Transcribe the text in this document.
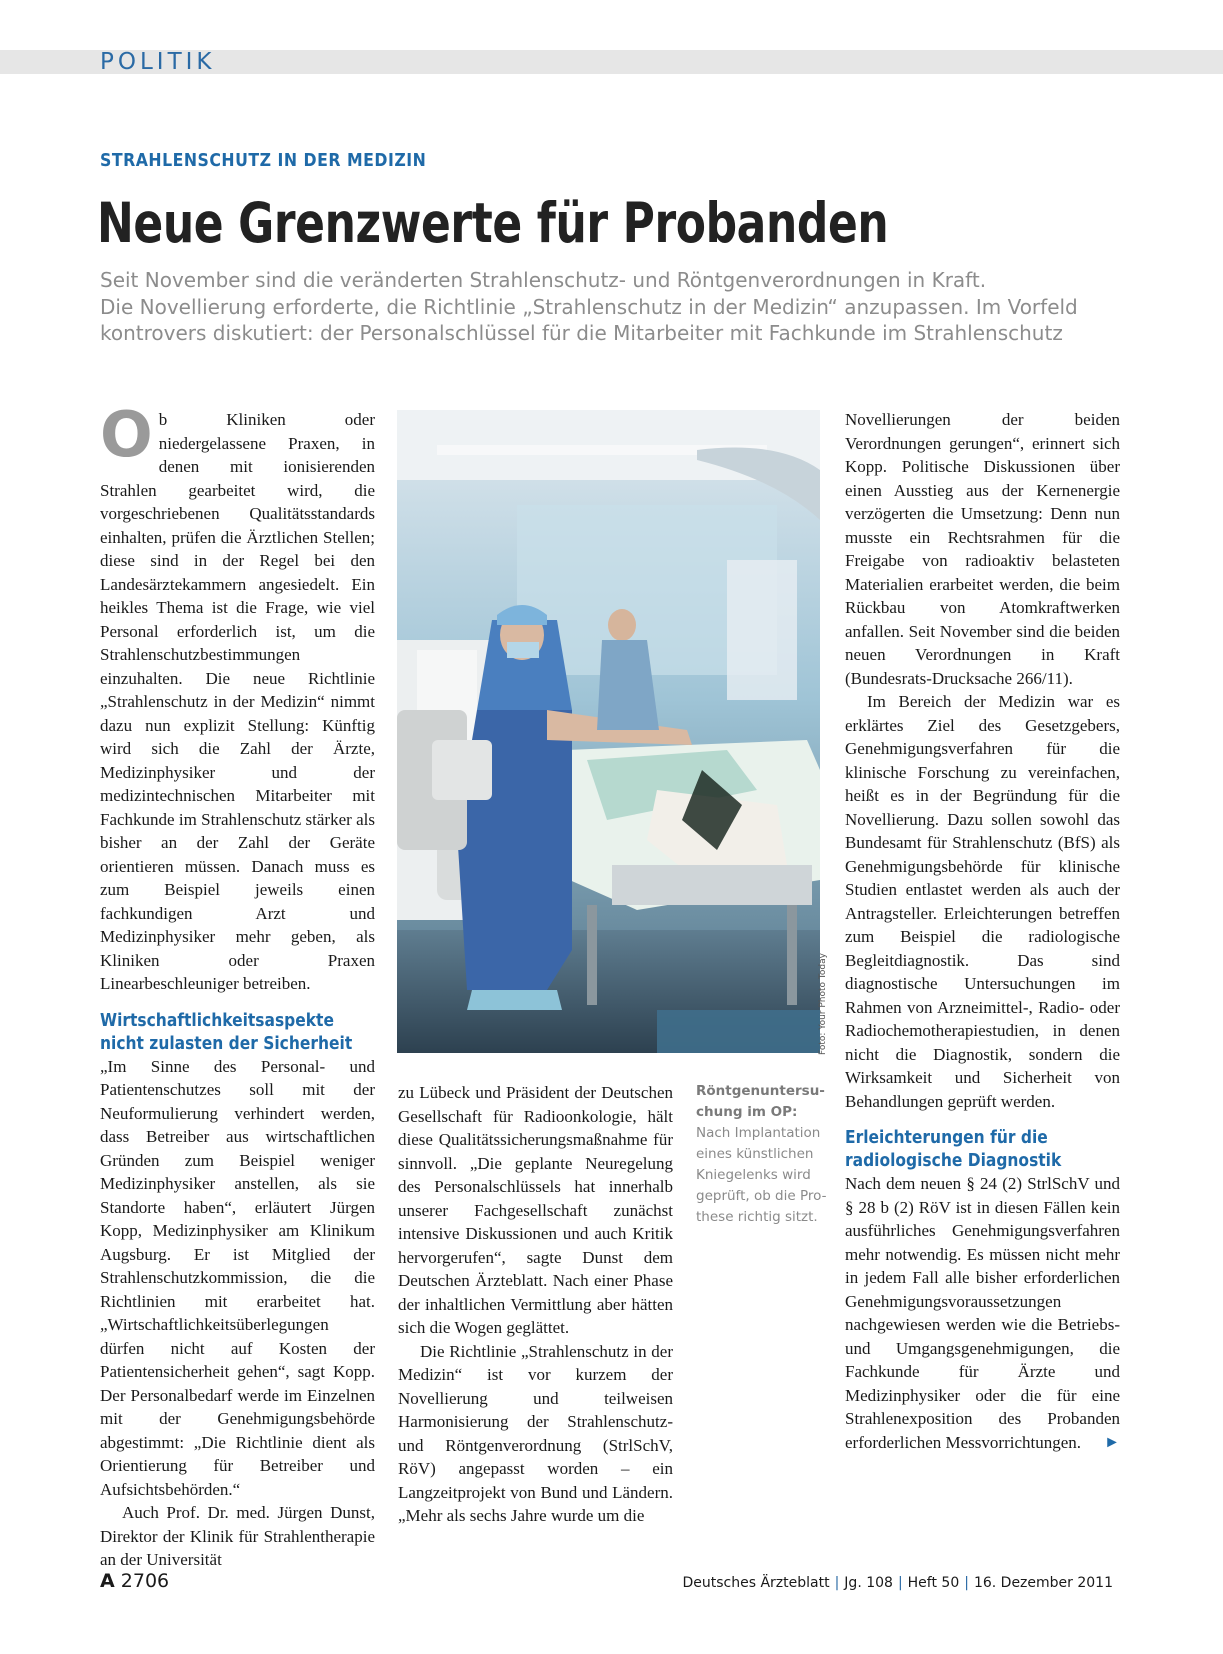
POLITIK
STRAHLENSCHUTZ IN DER MEDIZIN
Neue Grenzwerte für Probanden
Seit November sind die veränderten Strahlenschutz- und Röntgenverordnungen in Kraft.
Die Novellierung erforderte, die Richtlinie „Strahlenschutz in der Medizin“ anzupassen. Im Vorfeld
kontrovers diskutiert: der Personalschlüssel für die Mitarbeiter mit Fachkunde im Strahlenschutz

Ob Kliniken oder niedergelassene Praxen, in denen mit ionisierenden Strahlen gearbeitet wird, die vorgeschriebenen Qualitätsstandards einhalten, prüfen die Ärztlichen Stellen; diese sind in der Regel bei den Landesärztekammern angesiedelt. Ein heikles Thema ist die Frage, wie viel Personal erforderlich ist, um die Strahlenschutzbestimmungen einzuhalten. Die neue Richtlinie „Strahlenschutz in der Medizin“ nimmt dazu nun explizit Stellung: Künftig wird sich die Zahl der Ärzte, Medizinphysiker und der medizintechnischen Mitarbeiter mit Fachkunde im Strahlenschutz stärker als bisher an der Zahl der Geräte orientieren müssen. Danach muss es zum Beispiel jeweils einen fachkundigen Arzt und Medizinphysiker mehr geben, als Kliniken oder Praxen Linearbeschleuniger betreiben.

Wirtschaftlichkeitsaspekte
nicht zulasten der Sicherheit

„Im Sinne des Personal- und Patientenschutzes soll mit der Neuformulierung verhindert werden, dass Betreiber aus wirtschaftlichen Gründen zum Beispiel weniger Medizinphysiker anstellen, als sie Standorte haben“, erläutert Jürgen Kopp, Medizinphysiker am Klinikum Augsburg. Er ist Mitglied der Strahlenschutzkommission, die die Richtlinien mit erarbeitet hat. „Wirtschaftlichkeitsüberlegungen dürfen nicht auf Kosten der Patientensicherheit gehen“, sagt Kopp. Der Personalbedarf werde im Einzelnen mit der Genehmigungsbehörde abgestimmt: „Die Richtlinie dient als Orientierung für Betreiber und Aufsichtsbehörden.“

Auch Prof. Dr. med. Jürgen Dunst, Direktor der Klinik für Strahlentherapie an der Universität

Foto: Your Photo Today

zu Lübeck und Präsident der Deutschen Gesellschaft für Radioonkologie, hält diese Qualitätssicherungsmaßnahme für sinnvoll. „Die geplante Neuregelung des Personalschlüssels hat innerhalb unserer Fachgesellschaft zunächst intensive Diskussionen und auch Kritik hervorgerufen“, sagte Dunst dem Deutschen Ärzteblatt. Nach einer Phase der inhaltlichen Vermittlung aber hätten sich die Wogen geglättet.

Die Richtlinie „Strahlenschutz in der Medizin“ ist vor kurzem der Novellierung und teilweisen Harmonisierung der Strahlenschutz- und Röntgenverordnung (StrlSchV, RöV) angepasst worden – ein Langzeitprojekt von Bund und Ländern. „Mehr als sechs Jahre wurde um die

Röntgenuntersu-
chung im OP:
Nach Implantation
eines künstlichen
Kniegelenks wird
geprüft, ob die Pro-
these richtig sitzt.

Novellierungen der beiden Verordnungen gerungen“, erinnert sich Kopp. Politische Diskussionen über einen Ausstieg aus der Kernenergie verzögerten die Umsetzung: Denn nun musste ein Rechtsrahmen für die Freigabe von radioaktiv belasteten Materialien erarbeitet werden, die beim Rückbau von Atomkraftwerken anfallen. Seit November sind die beiden neuen Verordnungen in Kraft (Bundesrats-Drucksache 266/11).

Im Bereich der Medizin war es erklärtes Ziel des Gesetzgebers, Genehmigungsverfahren für die klinische Forschung zu vereinfachen, heißt es in der Begründung für die Novellierung. Dazu sollen sowohl das Bundesamt für Strahlenschutz (BfS) als Genehmigungsbehörde für klinische Studien entlastet werden als auch der Antragsteller. Erleichterungen betreffen zum Beispiel die radiologische Begleitdiagnostik. Das sind diagnostische Untersuchungen im Rahmen von Arzneimittel-, Radio- oder Radiochemotherapiestudien, in denen nicht die Diagnostik, sondern die Wirksamkeit und Sicherheit von Behandlungen geprüft werden.

Erleichterungen für die
radiologische Diagnostik

Nach dem neuen § 24 (2) StrlSchV und § 28 b (2) RöV ist in diesen Fällen kein ausführliches Genehmigungsverfahren mehr notwendig. Es müssen nicht mehr in jedem Fall alle bisher erforderlichen Genehmigungsvoraussetzungen nachgewiesen werden wie die Betriebs- und Umgangsgenehmigungen, die Fachkunde für Ärzte und Medizinphysiker oder die für eine Strahlenexposition des Probanden erforderlichen Messvorrichtungen. ►

A 2706	Deutsches Ärzteblatt | Jg. 108 | Heft 50 | 16. Dezember 2011
